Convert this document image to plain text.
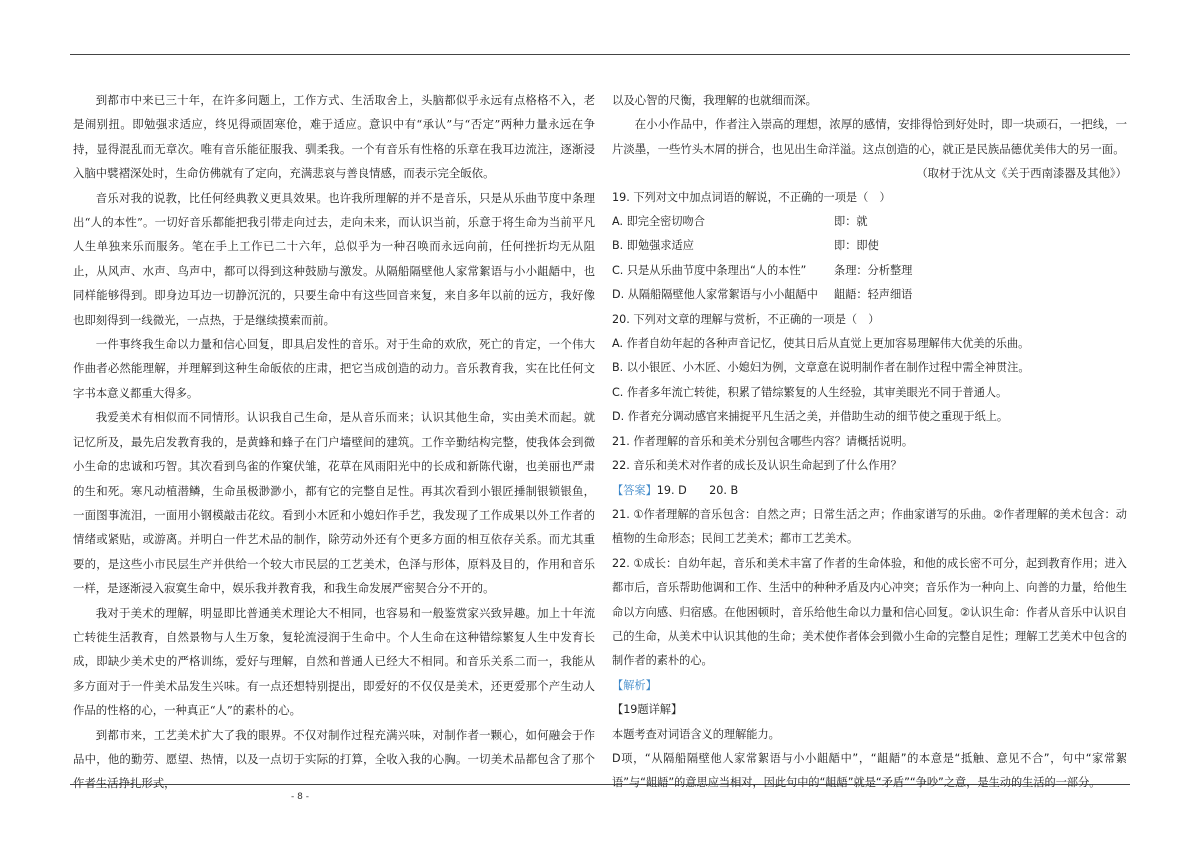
到都市中来已三十年，在许多问题上，工作方式、生活取舍上，头脑都似乎永远有点格格不入，老是闹别扭。即勉强求适应，终见得顽固寒伧，难于适应。意识中有“承认”与“否定”两种力量永远在争持，显得混乱而无章次。唯有音乐能征服我、驯柔我。一个有音乐有性格的乐章在我耳边流注，逐渐浸入脑中襞褶深处时，生命仿佛就有了定向，充满悲哀与善良情感，而表示完全皈依。

音乐对我的说教，比任何经典教义更具效果。也许我所理解的并不是音乐，只是从乐曲节度中条理出“人的本性”。一切好音乐都能把我引带走向过去，走向未来，而认识当前，乐意于将生命为当前平凡人生单独来乐而服务。笔在手上工作已二十六年，总似乎为一种召唤而永远向前，任何挫折均无从阻止，从风声、水声、鸟声中，都可以得到这种鼓励与激发。从隔船隔壁他人家常絮语与小小龃龉中，也同样能够得到。即身边耳边一切静沉沉的，只要生命中有这些回音来复，来自多年以前的远方，我好像也即刻得到一线微光，一点热，于是继续摸索而前。

一件事终我生命以力量和信心回复，即具启发性的音乐。对于生命的欢欣，死亡的肯定，一个伟大作曲者必然能理解，并理解到这种生命皈依的庄肃，把它当成创造的动力。音乐教育我，实在比任何文字书本意义都重大得多。

我爱美术有相似而不同情形。认识我自己生命，是从音乐而来；认识其他生命，实由美术而起。就记忆所及，最先启发教育我的，是黄蜂和蜂子在门户墙壁间的建筑。工作辛勤结构完整，使我体会到微小生命的忠诚和巧智。其次看到鸟雀的作窠伏雏，花草在风雨阳光中的长成和新陈代谢，也美丽也严肃的生和死。寒凡动植潜鳞，生命虽极渺渺小，都有它的完整自足性。再其次看到小银匠捶制银锁银鱼，一面图事流泪，一面用小钢模敲击花纹。看到小木匠和小媳妇作手艺，我发现了工作成果以外工作者的情绪或紧贴，或游离。并明白一件艺术品的制作，除劳动外还有个更多方面的相互依存关系。而尤其重要的，是这些小市民层生产并供给一个较大市民层的工艺美术，色泽与形体，原料及目的，作用和音乐一样，是逐渐浸入寂寞生命中，娱乐我并教育我，和我生命发展严密契合分不开的。

我对于美术的理解，明显即比普通美术理论大不相同，也容易和一般鉴赏家兴致异趣。加上十年流亡转徙生活教育，自然景物与人生万象，复轮流浸润于生命中。个人生命在这种错综繁复人生中发育长成，即缺少美术史的严格训练，爱好与理解，自然和普通人已经大不相同。和音乐关系二而一，我能从多方面对于一件美术品发生兴味。有一点还想特别提出，即爱好的不仅仅是美术，还更爱那个产生动人作品的性格的心，一种真正“人”的素朴的心。

到都市来，工艺美术扩大了我的眼界。不仅对制作过程充满兴味，对制作者一颗心，如何融会于作品中，他的勤劳、愿望、热情，以及一点切于实际的打算，全收入我的心胸。一切美术品都包含了那个作者生活挣扎形式，

以及心智的尺衡，我理解的也就细而深。

在小小作品中，作者注入崇高的理想，浓厚的感情，安排得恰到好处时，即一块顽石，一把线，一片淡墨，一些竹头木屑的拼合，也见出生命洋溢。这点创造的心，就正是民族品德优美伟大的另一面。

（取材于沈从文《关于西南漆器及其他》）

19. 下列对文中加点词语的解说，不正确的一项是（　）

A. 即完全密切吻合	即：就
B. 即勉强求适应	即：即使
C. 只是从乐曲节度中条理出“人的本性”	条理：分析整理
D. 从隔船隔壁他人家常絮语与小小龃龉中	龃龉：轻声细语

20. 下列对文章的理解与赏析，不正确的一项是（　）

A. 作者自幼年起的各种声音记忆，使其日后从直觉上更加容易理解伟大优美的乐曲。

B. 以小银匠、小木匠、小媳妇为例，文章意在说明制作者在制作过程中需全神贯注。

C. 作者多年流亡转徙，积累了错综繁复的人生经验，其审美眼光不同于普通人。

D. 作者充分调动感官来捕捉平凡生活之美，并借助生动的细节使之重现于纸上。

21. 作者理解的音乐和美术分别包含哪些内容？请概括说明。

22. 音乐和美术对作者的成长及认识生命起到了什么作用？

【答案】19. D　　20. B

21. ①作者理解的音乐包含：自然之声；日常生活之声；作曲家谱写的乐曲。②作者理解的美术包含：动植物的生命形态；民间工艺美术；都市工艺美术。

22. ①成长：自幼年起，音乐和美术丰富了作者的生命体验，和他的成长密不可分，起到教育作用；进入都市后，音乐帮助他调和工作、生活中的种种矛盾及内心冲突；音乐作为一种向上、向善的力量，给他生命以方向感、归宿感。在他困顿时，音乐给他生命以力量和信心回复。②认识生命：作者从音乐中认识自己的生命，从美术中认识其他的生命；美术使作者体会到微小生命的完整自足性；理解工艺美术中包含的制作者的素朴的心。

【解析】

【19题详解】

本题考查对词语含义的理解能力。

D项，“从隔船隔壁他人家常絮语与小小龃龉中”，“龃龉”的本意是“抵触、意见不合”，句中“家常絮语”与“龃龉”的意思应当相对，因此句中的“龃龉”就是“矛盾”“争吵”之意，是生动的生活的一部分。

- 8 -
